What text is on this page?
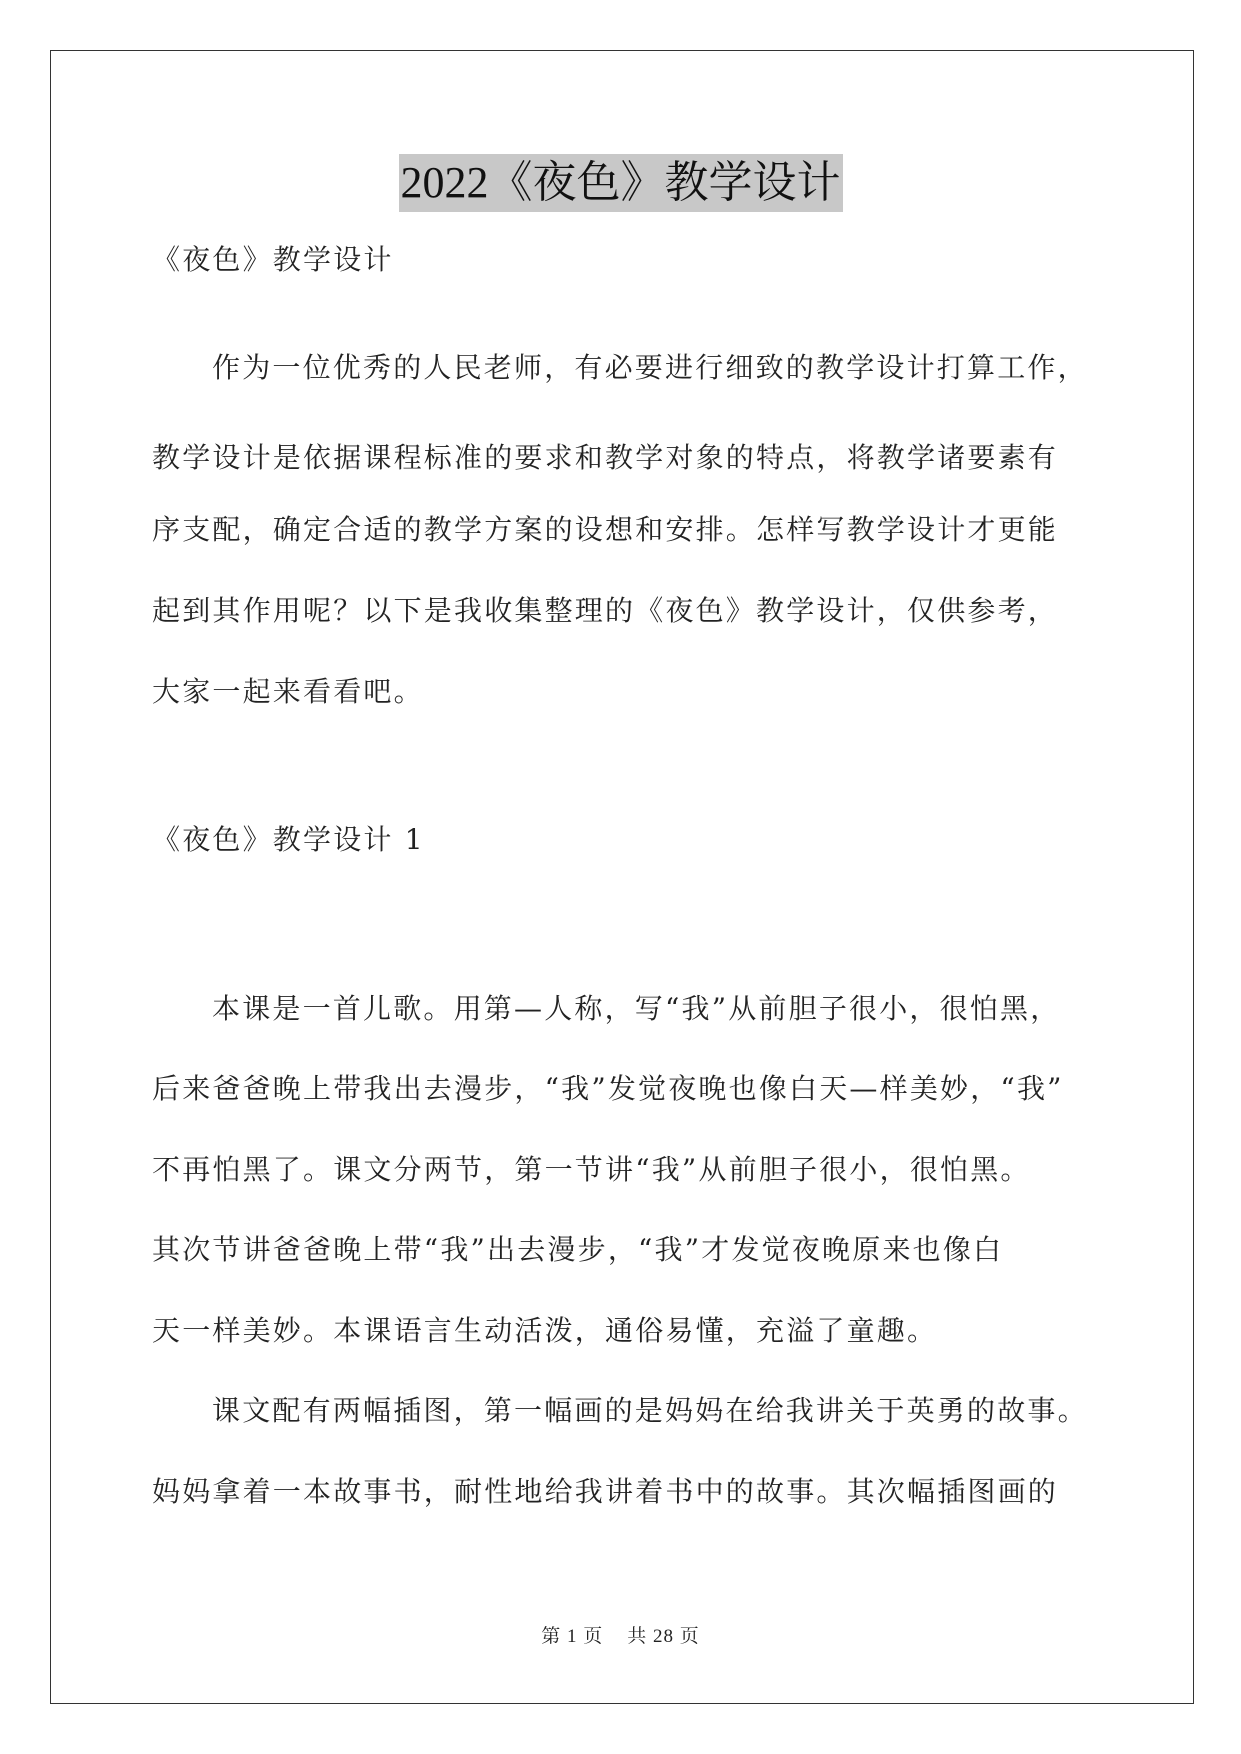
2022《夜色》教学设计
《夜色》教学设计
作为一位优秀的人民老师，有必要进行细致的教学设计打算工作，
教学设计是依据课程标准的要求和教学对象的特点，将教学诸要素有
序支配，确定合适的教学方案的设想和安排。怎样写教学设计才更能
起到其作用呢？以下是我收集整理的《夜色》教学设计，仅供参考，
大家一起来看看吧。
《夜色》教学设计 1
本课是一首儿歌。用第—人称，写“我”从前胆子很小，很怕黑，
后来爸爸晚上带我出去漫步，“我”发觉夜晚也像白天—样美妙，“我”
不再怕黑了。课文分两节，第一节讲“我”从前胆子很小，很怕黑。
其次节讲爸爸晚上带“我”出去漫步，“我”才发觉夜晚原来也像白
天一样美妙。本课语言生动活泼，通俗易懂，充溢了童趣。
课文配有两幅插图，第一幅画的是妈妈在给我讲关于英勇的故事。
妈妈拿着一本故事书，耐性地给我讲着书中的故事。其次幅插图画的
第 1 页 共 28 页
